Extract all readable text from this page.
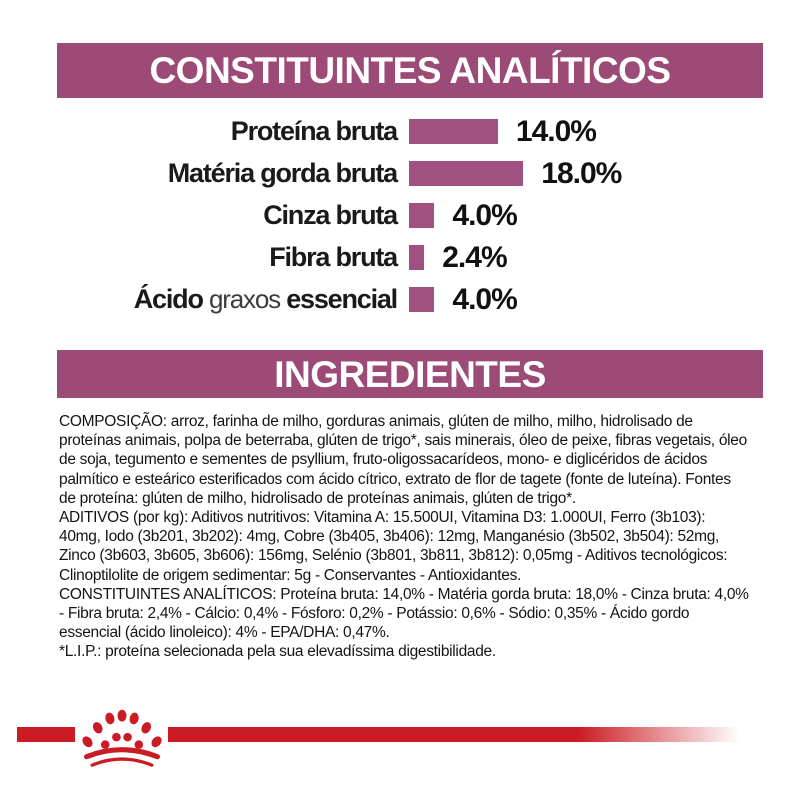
CONSTITUINTES ANALÍTICOS
Proteína bruta	14.0%
Matéria gorda bruta	18.0%
Cinza bruta 4.0%
Fibra bruta 2.4%
Ácido graxos essencial 4.0%
INGREDIENTES

COMPOSIÇÃO: arroz, farinha de milho, gorduras animais, glúten de milho, milho, hidrolisado de proteínas animais, polpa de beterraba, glúten de trigo*, sais minerais, óleo de peixe, fibras vegetais, óleo de soja, tegumento e sementes de psyllium, fruto-oligossacarídeos, mono- e diglicéridos de ácidos palmítico e esteárico esterificados com ácido cítrico, extrato de flor de tagete (fonte de luteína). Fontes de proteína: glúten de milho, hidrolisado de proteínas animais, glúten de trigo*.

ADITIVOS (por kg): Aditivos nutritivos: Vitamina A: 15.500UI, Vitamina D3: 1.000UI, Ferro (3b103): 40mg, Iodo (3b201, 3b202): 4mg, Cobre (3b405, 3b406): 12mg, Manganésio (3b502, 3b504): 52mg, Zinco (3b603, 3b605, 3b606): 156mg, Selénio (3b801, 3b811, 3b812): 0,05mg - Aditivos tecnológicos: Clinoptilolite de origem sedimentar: 5g - Conservantes - Antioxidantes.

CONSTITUINTES ANALÍTICOS: Proteína bruta: 14,0% - Matéria gorda bruta: 18,0% - Cinza bruta: 4,0% - Fibra bruta: 2,4% - Cálcio: 0,4% - Fósforo: 0,2% - Potássio: 0,6% - Sódio: 0,35% - Ácido gordo essencial (ácido linoleico): 4% - EPA/DHA: 0,47%.

*L.I.P.: proteína selecionada pela sua elevadíssima digestibilidade.
